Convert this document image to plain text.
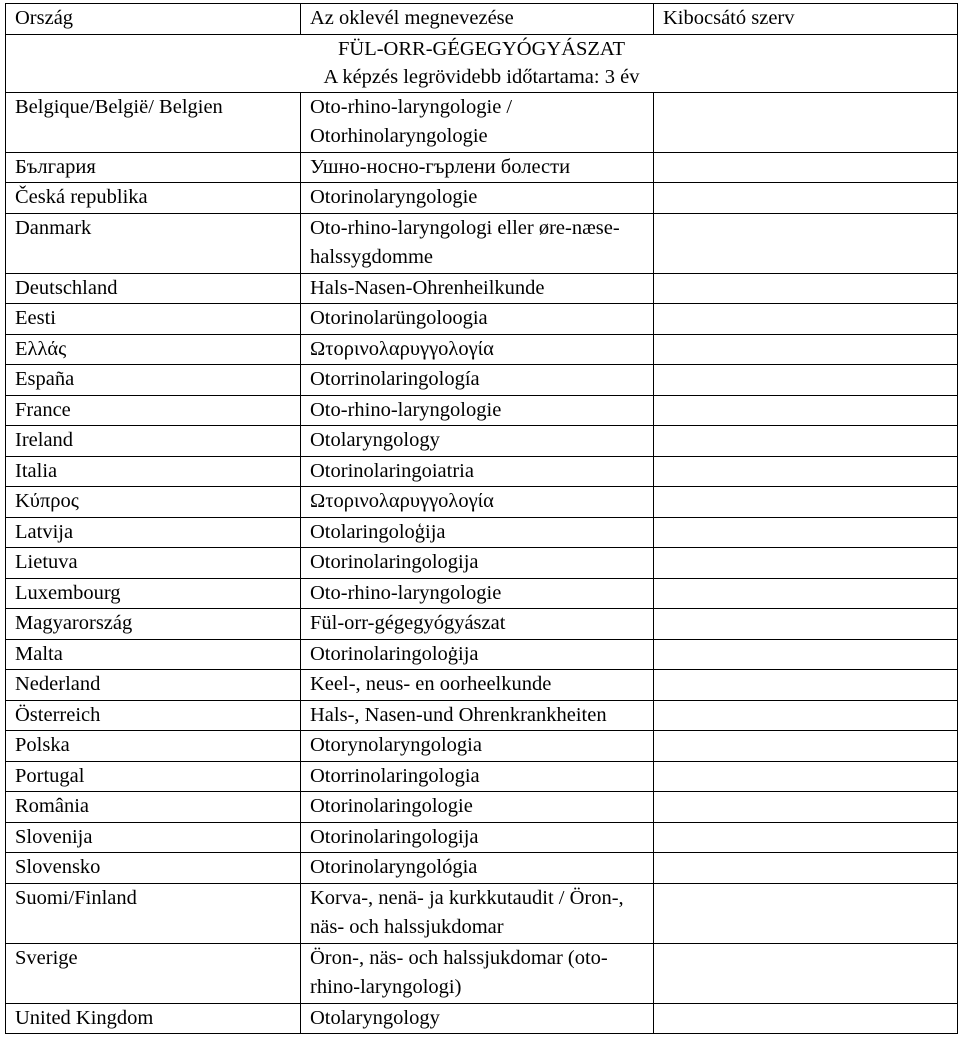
Ország	Az oklevél megnevezése	Kibocsátó szerv

FÜL-ORR-GÉGEGYÓGYÁSZAT
A képzés legrövidebb időtartama: 3 év		

Belgique/België/ Belgien	Oto-rhino-laryngologie / Otorhinolaryngologie	
България	Ушно-носно-гърлени болести	
Česká republika	Otorinolaryngologie	
Danmark	Oto-rhino-laryngologi eller øre-næse-halssygdomme	
Deutschland	Hals-Nasen-Ohrenheilkunde	
Eesti	Otorinolarüngoloogia	
Ελλάς	Ωτορινολαρυγγολογία	
España	Otorrinolaringología	
France	Oto-rhino-laryngologie	
Ireland	Otolaryngology	
Italia	Otorinolaringoiatria	
Κύπρος	Ωτορινολαρυγγολογία	
Latvija	Otolaringoloģija	
Lietuva	Otorinolaringologija	
Luxembourg	Oto-rhino-laryngologie	
Magyarország	Fül-orr-gégegyógyászat	
Malta	Otorinolaringoloġija	
Nederland	Keel-, neus- en oorheelkunde	
Österreich	Hals-, Nasen-und Ohrenkrankheiten	
Polska	Otorynolaryngologia	
Portugal	Otorrinolaringologia	
România	Otorinolaringologie	
Slovenija	Otorinolaringologija	
Slovensko	Otorinolaryngológia	
Suomi/Finland	Korva-, nenä- ja kurkkutaudit / Öron-, näs- och halssjukdomar	
Sverige	Öron-, näs- och halssjukdomar (oto-rhino-laryngologi)	
United Kingdom	Otolaryngology	
